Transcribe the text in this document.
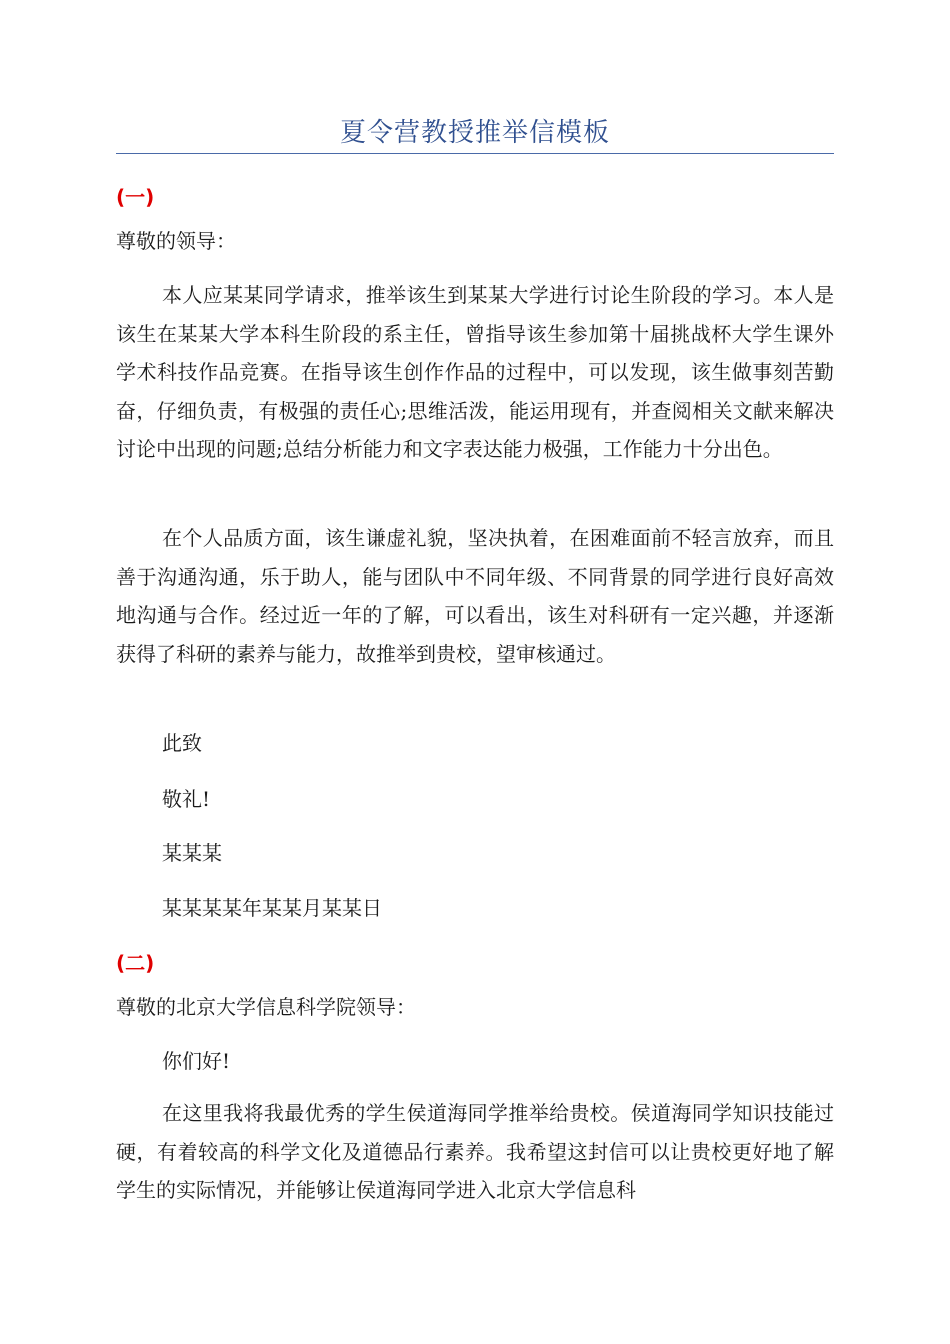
夏令营教授推举信模板
(一)
尊敬的领导：

本人应某某同学请求，推举该生到某某大学进行讨论生阶段的学习。本人是该生在某某大学本科生阶段的系主任，曾指导该生参加第十届挑战杯大学生课外学术科技作品竞赛。在指导该生创作作品的过程中，可以发现，该生做事刻苦勤奋，仔细负责，有极强的责任心;思维活泼，能运用现有，并查阅相关文献来解决讨论中出现的问题;总结分析能力和文字表达能力极强，工作能力十分出色。

在个人品质方面，该生谦虚礼貌，坚决执着，在困难面前不轻言放弃，而且善于沟通沟通，乐于助人，能与团队中不同年级、不同背景的同学进行良好高效地沟通与合作。经过近一年的了解，可以看出，该生对科研有一定兴趣，并逐渐获得了科研的素养与能力，故推举到贵校，望审核通过。

此致
敬礼!
某某某
某某某某年某某月某某日
(二)
尊敬的北京大学信息科学院领导：
你们好!

在这里我将我最优秀的学生侯道海同学推举给贵校。侯道海同学知识技能过硬，有着较高的科学文化及道德品行素养。我希望这封信可以让贵校更好地了解学生的实际情况，并能够让侯道海同学进入北京大学信息科
